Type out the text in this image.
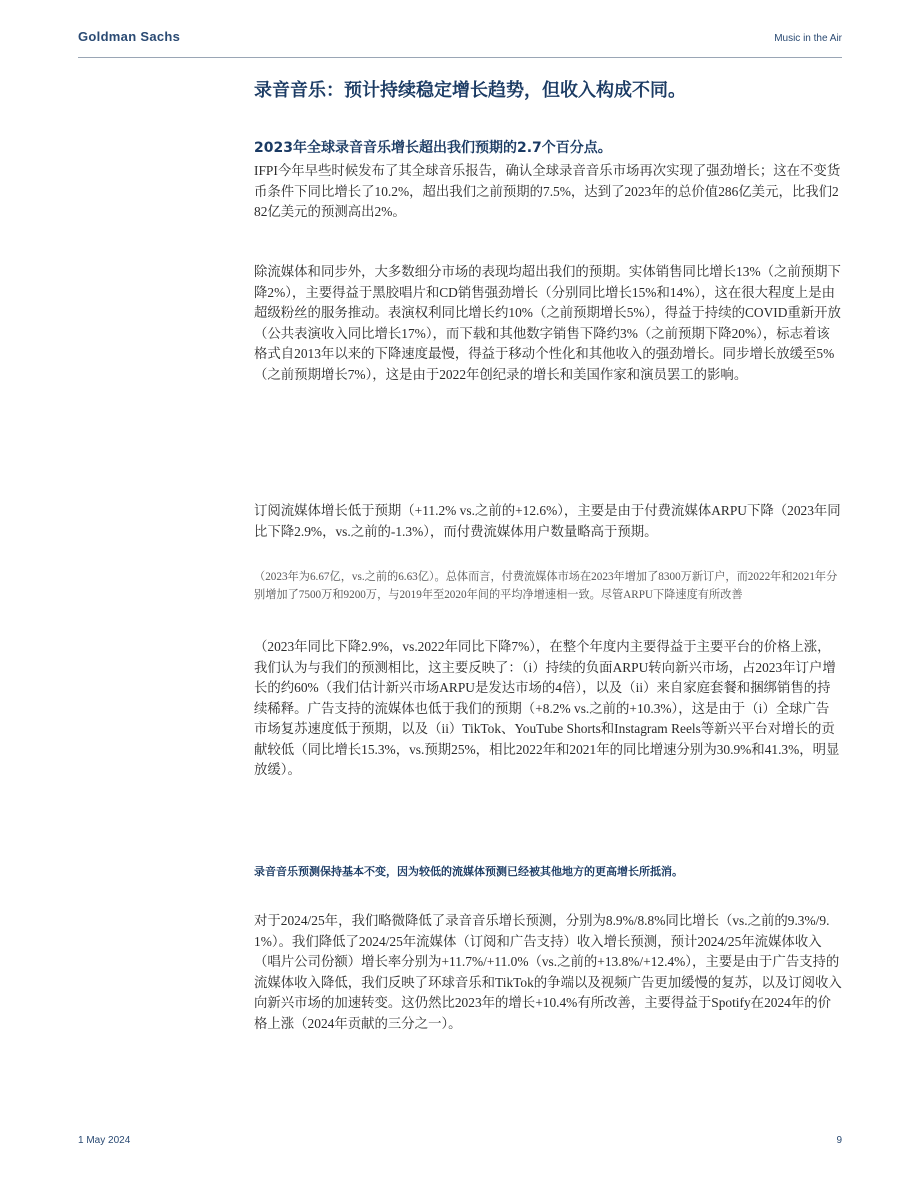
Goldman Sachs	Music in the Air
录音音乐：预计持续稳定增长趋势，但收入构成不同。
2023年全球录音音乐增长超出我们预期的2.7个百分点。

IFPI今年早些时候发布了其全球音乐报告，确认全球录音音乐市场再次实现了强劲增长；这在不变货币条件下同比增长了10.2%，超出我们之前预期的7.5%，达到了2023年的总价值286亿美元，比我们282亿美元的预测高出2%。

除流媒体和同步外，大多数细分市场的表现均超出我们的预期。实体销售同比增长13%（之前预期下降2%），主要得益于黑胶唱片和CD销售强劲增长（分别同比增长15%和14%），这在很大程度上是由超级粉丝的服务推动。表演权利同比增长约10%（之前预期增长5%），得益于持续的COVID重新开放（公共表演收入同比增长17%），而下载和其他数字销售下降约3%（之前预期下降20%），标志着该格式自2013年以来的下降速度最慢，得益于移动个性化和其他收入的强劲增长。同步增长放缓至5%（之前预期增长7%），这是由于2022年创纪录的增长和美国作家和演员罢工的影响。

订阅流媒体增长低于预期（+11.2% vs.之前的+12.6%），主要是由于付费流媒体ARPU下降（2023年同比下降2.9%，vs.之前的-1.3%），而付费流媒体用户数量略高于预期。

（2023年为6.67亿，vs.之前的6.63亿）。总体而言，付费流媒体市场在2023年增加了8300万新订户，而2022年和2021年分别增加了7500万和9200万，与2019年至2020年间的平均净增速相一致。尽管ARPU下降速度有所改善

（2023年同比下降2.9%，vs.2022年同比下降7%），在整个年度内主要得益于主要平台的价格上涨，我们认为与我们的预测相比，这主要反映了：（i）持续的负面ARPU转向新兴市场，占2023年订户增长的约60%（我们估计新兴市场ARPU是发达市场的4倍），以及（ii）来自家庭套餐和捆绑销售的持续稀释。广告支持的流媒体也低于我们的预期（+8.2% vs.之前的+10.3%），这是由于（i）全球广告市场复苏速度低于预期，以及（ii）TikTok、YouTube Shorts和Instagram Reels等新兴平台对增长的贡献较低（同比增长15.3%，vs.预期25%，相比2022年和2021年的同比增速分别为30.9%和41.3%，明显放缓）。

录音音乐预测保持基本不变，因为较低的流媒体预测已经被其他地方的更高增长所抵消。

对于2024/25年，我们略微降低了录音音乐增长预测，分别为8.9%/8.8%同比增长（vs.之前的9.3%/9.1%）。我们降低了2024/25年流媒体（订阅和广告支持）收入增长预测，预计2024/25年流媒体收入（唱片公司份额）增长率分别为+11.7%/+11.0%（vs.之前的+13.8%/+12.4%），主要是由于广告支持的流媒体收入降低，我们反映了环球音乐和TikTok的争端以及视频广告更加缓慢的复苏，以及订阅收入向新兴市场的加速转变。这仍然比2023年的增长+10.4%有所改善，主要得益于Spotify在2024年的价格上涨（2024年贡献的三分之一）。

1 May 2024	9
